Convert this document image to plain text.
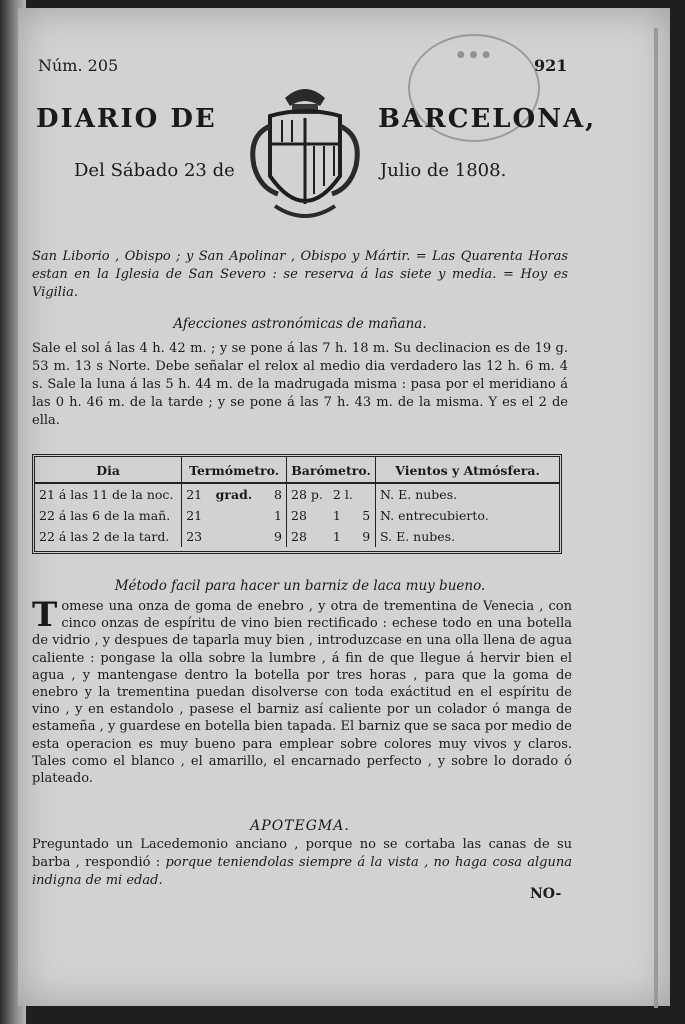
Núm. 205	921
● ● ●
DIARIO DE	BARCELONA,
Del Sábado 23 de	Julio de 1808.
San Liborio , Obispo ; y San Apolinar , Obispo y Mártir. = Las Quarenta Horas estan en la Iglesia de San Severo : se reserva á las siete y media. = Hoy es Vigilia.
Afecciones astronómicas de mañana.
Sale el sol á las 4 h. 42 m. ; y se pone á las 7 h. 18 m. Su declinacion es de 19 g. 53 m. 13 s Norte. Debe señalar el relox al medio dia verdadero las 12 h. 6 m. 4 s. Sale la luna á las 5 h. 44 m. de la madrugada misma : pasa por el meridiano á las 0 h. 46 m. de la tarde ; y se pone á las 7 h. 43 m. de la misma. Y es el 2 de ella.
Dia	Termómetro.			Barómetro.			Vientos y Atmósfera.
21 á las 11 de la noc.	21	grad.	8	28 p.	2 l.		N. E. nubes.
22 á las 6 de la mañ.	21		1	28	1	5	N. entrecubierto.
22 á las 2 de la tard.	23		9	28	1	9	S. E. nubes.
Método facil para hacer un barniz de laca muy bueno.
Tomese una onza de goma de enebro , y otra de trementina de Venecia , con cinco onzas de espíritu de vino bien rectificado : echese todo en una botella de vidrio , y despues de taparla muy bien , introduzcase en una olla llena de agua caliente : pongase la olla sobre la lumbre , á fin de que llegue á hervir bien el agua , y mantengase dentro la botella por tres horas , para que la goma de enebro y la trementina puedan disolverse con toda exáctitud en el espíritu de vino , y en estandolo , pasese el barniz así caliente por un colador ó manga de estameña , y guardese en botella bien tapada. El barniz que se saca por medio de esta operacion es muy bueno para emplear sobre colores muy vivos y claros. Tales como el blanco , el amarillo, el encarnado perfecto , y sobre lo dorado ó plateado.
APOTEGMA.
Preguntado un Lacedemonio anciano , porque no se cortaba las canas de su barba , respondió : porque teniendolas siempre á la vista , no haga cosa alguna indigna de mi edad.
NO-
